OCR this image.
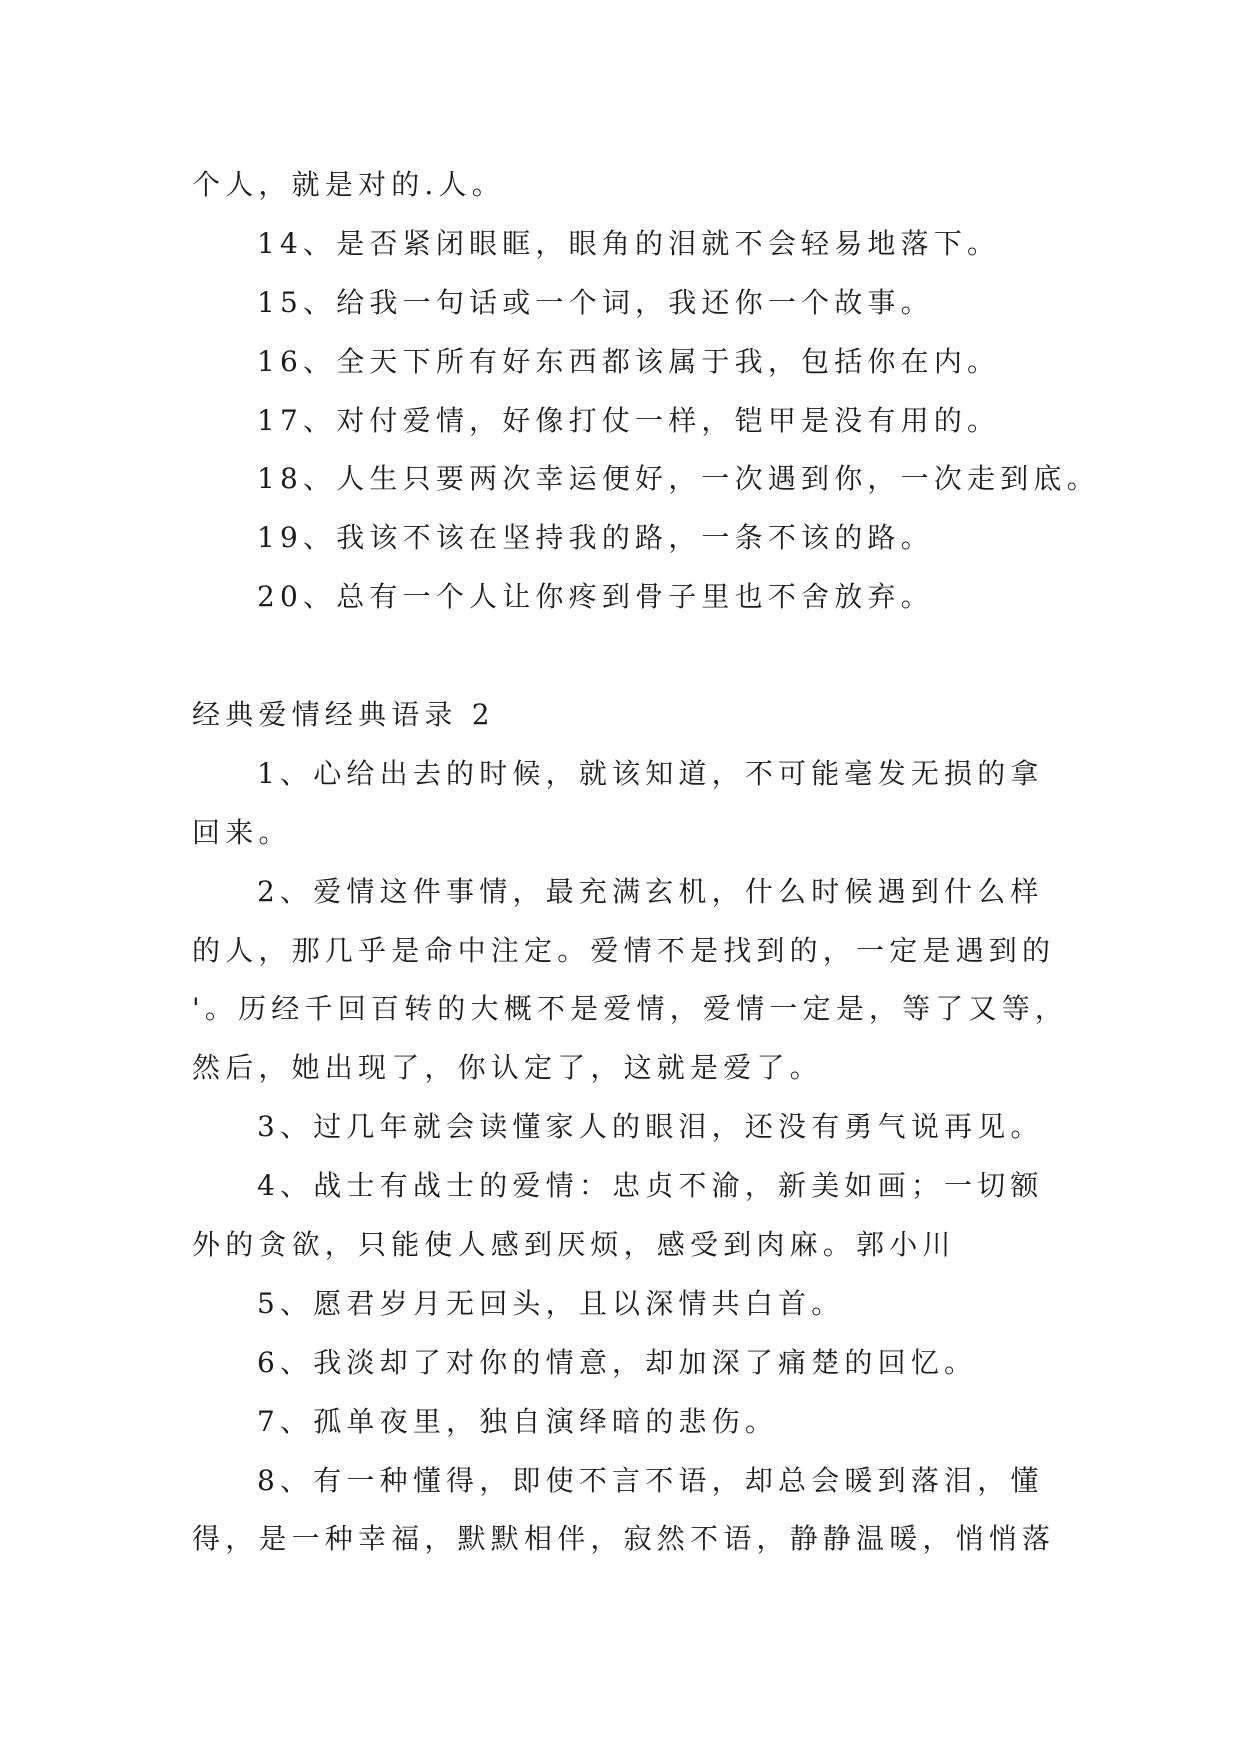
个人，就是对的.人。
14、是否紧闭眼眶，眼角的泪就不会轻易地落下。
15、给我一句话或一个词，我还你一个故事。
16、全天下所有好东西都该属于我，包括你在内。
17、对付爱情，好像打仗一样，铠甲是没有用的。
18、人生只要两次幸运便好，一次遇到你，一次走到底。
19、我该不该在坚持我的路，一条不该的路。
20、总有一个人让你疼到骨子里也不舍放弃。
经典爱情经典语录 2
1、心给出去的时候，就该知道，不可能毫发无损的拿
回来。
2、爱情这件事情，最充满玄机，什么时候遇到什么样
的人，那几乎是命中注定。爱情不是找到的，一定是遇到的
'。历经千回百转的大概不是爱情，爱情一定是，等了又等，
然后，她出现了，你认定了，这就是爱了。
3、过几年就会读懂家人的眼泪，还没有勇气说再见。
4、战士有战士的爱情：忠贞不渝，新美如画；一切额
外的贪欲，只能使人感到厌烦，感受到肉麻。郭小川
5、愿君岁月无回头，且以深情共白首。
6、我淡却了对你的情意，却加深了痛楚的回忆。
7、孤单夜里，独自演绎暗的悲伤。
8、有一种懂得，即使不言不语，却总会暖到落泪，懂
得，是一种幸福，默默相伴，寂然不语，静静温暖，悄悄落
